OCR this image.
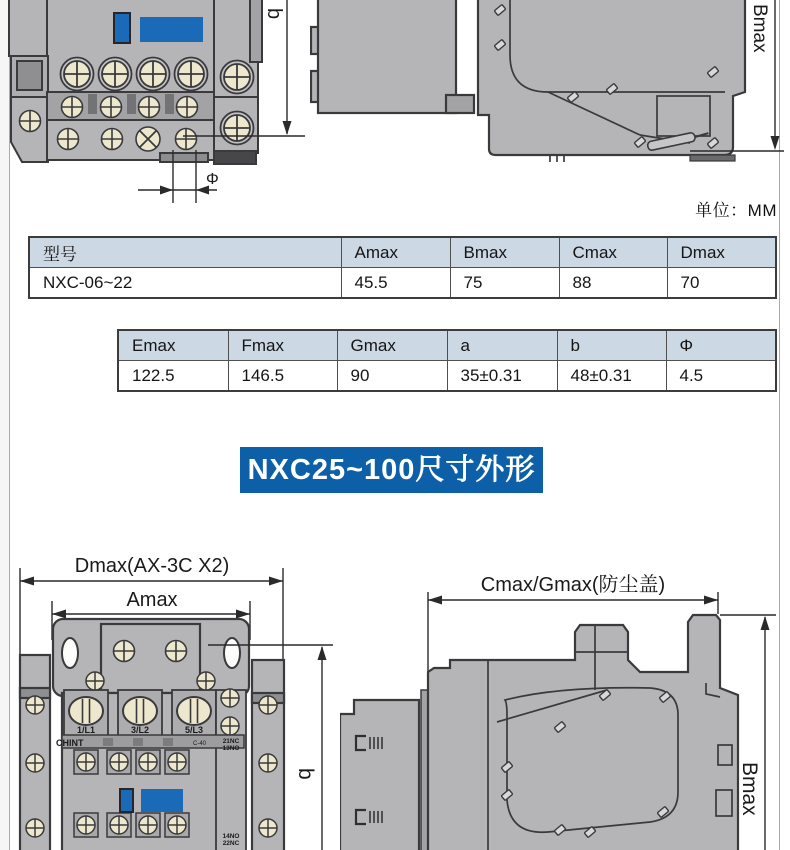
b
Φ
Bmax
单位：MM
型号	Amax	Bmax	Cmax	Dmax
NXC-06~22	45.5	75	88	70
Emax	Fmax	Gmax	a	b	Φ
122.5	146.5	90	35±0.31	48±0.31	4.5
NXC25~100尺寸外形
Dmax(AX-3C X2)
Amax
1/L1	3/L2	5/L3
CHINT	C-40	21NC
13NO
14NO
22NC
b
Cmax/Gmax(防尘盖)
Bmax
